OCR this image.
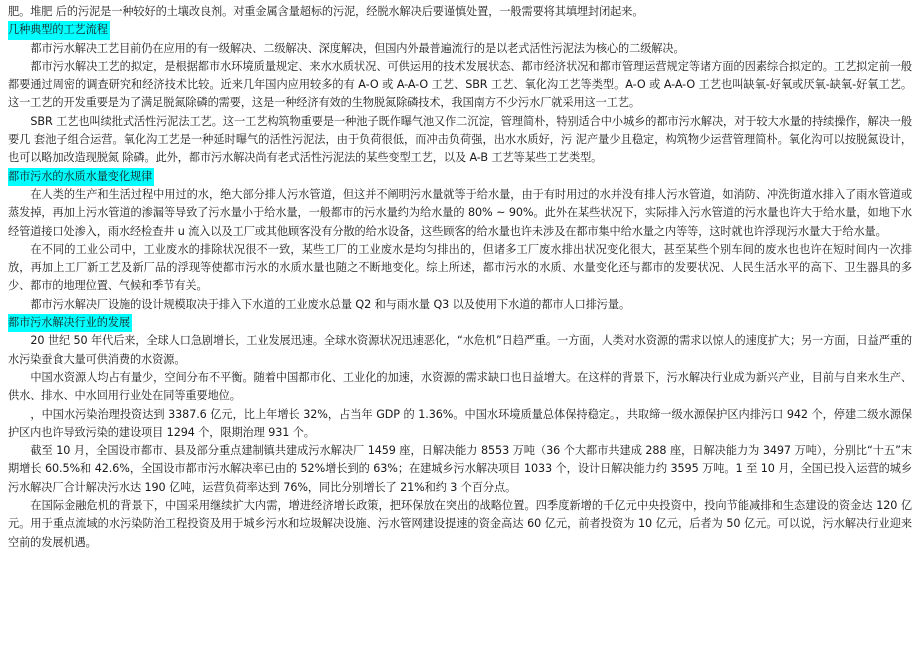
肥。堆肥 后的污泥是一种较好的土壤改良剂。对重金属含量超标的污泥，经脱水解决后要谨慎处置，一般需要将其填埋封闭起来。

几种典型的工艺流程

都市污水解决工艺目前仍在应用的有一级解决、二级解决、深度解决，但国内外最普遍流行的是以老式活性污泥法为核心的二级解决。

都市污水解决工艺的拟定，是根据都市水环境质量规定、来水水质状况、可供运用的技术发展状态、都市经济状况和都市管理运营规定等诸方面的因素综合拟定的。工艺拟定前一般都要通过周密的调查研究和经济技术比较。近来几年国内应用较多的有 A-O 或 A-A-O 工艺、SBR 工艺、氧化沟工艺等类型。A-O 或 A-A-O 工艺也叫缺氧-好氧或厌氧-缺氧-好氧工艺。这一工艺的开发重要是为了满足脱氮除磷的需要，这是一种经济有效的生物脱氮除磷技术，我国南方不少污水厂就采用这一工艺。

SBR 工艺也叫续批式活性污泥法工艺。这一工艺构筑物重要是一种池子既作曝气池又作二沉淀，管理简朴，特别适合中小城乡的都市污水解决，对于较大水量的持续操作，解决一般要几 套池子组合运营。氧化沟工艺是一种延时曝气的活性污泥法，由于负荷很低，而冲击负荷强，出水水质好，污 泥产量少且稳定，构筑物少运营管理简朴。氧化沟可以按脱氮设计，也可以略加改造现脱氮 除磷。此外，都市污水解决尚有老式活性污泥法的某些变型工艺，以及 A-B 工艺等某些工艺类型。

都市污水的水质水量变化规律

在人类的生产和生活过程中用过的水，绝大部分排人污水管道，但这并不阐明污水量就等于给水量，由于有时用过的水并没有排人污水管道，如消防、冲洗街道水排入了雨水管道或蒸发掉，再加上污水管道的渗漏等导致了污水量小于给水量，一般都市的污水量约为给水量的 80% ~ 90%。此外在某些状况下，实际排入污水管道的污水量也许大于给水量，如地下水经管道接口处渗入，雨水经检查井 u 流入以及工厂或其他顾客没有分散的给水设备，这些顾客的给水量也许未涉及在都市集中给水量之内等等，这时就也许浮现污水量大于给水量。

在不同的工业公司中，工业废水的排除状况很不一致，某些工厂的工业废水是均匀排出的，但诸多工厂废水排出状况变化很大，甚至某些个别车间的废水也也许在短时间内一次排放，再加上工厂新工艺及新厂品的浮现等使都市污水的水质水量也随之不断地变化。综上所述，都市污水的水质、水量变化还与都市的发要状况、人民生活水平的高下、卫生器具的多少、都市的地理位置、气候和季节有关。

都市污水解决厂设施的设计规模取决于排入下水道的工业废水总量 Q2 和与雨水量 Q3 以及使用下水道的都市人口排污量。

都市污水解决行业的发展

20 世纪 50 年代后来，全球人口急剧增长，工业发展迅速。全球水资源状况迅速恶化，“水危机”日趋严重。一方面，人类对水资源的需求以惊人的速度扩大；另一方面，日益严重的水污染蚕食大量可供消费的水资源。

中国水资源人均占有量少，空间分布不平衡。随着中国都市化、工业化的加速，水资源的需求缺口也日益增大。在这样的背景下，污水解决行业成为新兴产业，目前与自来水生产、供水、排水、中水回用行业处在同等重要地位。

，中国水污染治理投资达到 3387.6 亿元，比上年增长 32%，占当年 GDP 的 1.36%。中国水环境质量总体保持稳定。，共取缔一级水源保护区内排污口 942 个，停建二级水源保护区内也许导致污染的建设项目 1294 个，限期治理 931 个。

截至 10 月，全国设市都市、县及部分重点建制镇共建成污水解决厂 1459 座，日解决能力 8553 万吨（36 个大都市共建成 288 座，日解决能力为 3497 万吨），分别比“十五”末期增长 60.5%和 42.6%，全国设市都市污水解决率已由的 52%增长到的 63%；在建城乡污水解决项目 1033 个，设计日解决能力约 3595 万吨。1 至 10 月，全国已投入运营的城乡污水解决厂合计解决污水达 190 亿吨，运营负荷率达到 76%，同比分别增长了 21%和约 3 个百分点。

在国际金融危机的背景下，中国采用继续扩大内需，增进经济增长政策，把环保放在突出的战略位置。四季度新增的千亿元中央投资中，投向节能减排和生态建设的资金达 120 亿元。用于重点流域的水污染防治工程投资及用于城乡污水和垃圾解决设施、污水管网建设提速的资金高达 60 亿元，前者投资为 10 亿元，后者为 50 亿元。可以说，污水解决行业迎来空前的发展机遇。
